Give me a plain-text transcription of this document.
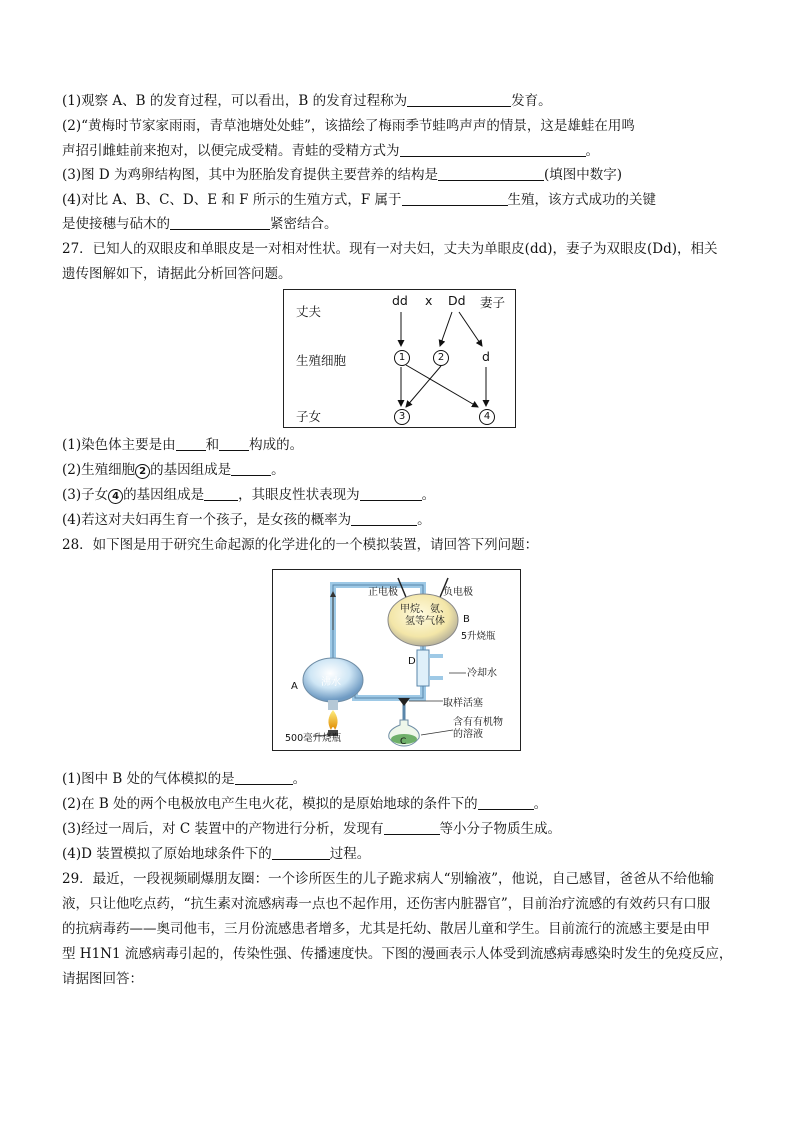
(1)观察 A、B 的发育过程，可以看出，B 的发育过程称为	发育。
(2)“黄梅时节家家雨雨，青草池塘处处蛙”，该描绘了梅雨季节蛙鸣声声的情景，这是雄蛙在用鸣
声招引雌蛙前来抱对，以便完成受精。青蛙的受精方式为	。
(3)图 D 为鸡卵结构图，其中为胚胎发育提供主要营养的结构是	(填图中数字)
(4)对比 A、B、C、D、E 和 F 所示的生殖方式，F 属于	生殖，该方式成功的关键
是使接穗与砧木的	紧密结合。
27．已知人的双眼皮和单眼皮是一对相对性状。现有一对夫妇，丈夫为单眼皮(dd)，妻子为双眼皮(Dd)，相关
遗传图解如下，请据此分析回答问题。
丈夫
生殖细胞
子女
dd x Dd 妻子
1	2	d
3	4
(1)染色体主要是由 和 构成的。
(2)生殖细胞 2 的基因组成是	。
(3)子女 4 的基因组成是	，其眼皮性状表现为	。
(4)若这对夫妇再生育一个孩子，是女孩的概率为	。
28．如下图是用于研究生命起源的化学进化的一个模拟装置，请回答下列问题：
正电极	负电极
甲烷、氨、氢等气体	B
5升烧瓶
D
冷却水
A 沸水
取样活塞
含有有机物的溶液
C
500毫升烧瓶
(1)图中 B 处的气体模拟的是	。
(2)在 B 处的两个电极放电产生电火花，模拟的是原始地球的条件下的	。
(3)经过一周后，对 C 装置中的产物进行分析，发现有	等小分子物质生成。
(4)D 装置模拟了原始地球条件下的	过程。
29．最近，一段视频刷爆朋友圈：一个诊所医生的儿子跪求病人“别输液”，他说，自己感冒，爸爸从不给他输
液，只让他吃点药，“抗生素对流感病毒一点也不起作用，还伤害内脏器官”，目前治疗流感的有效药只有口服
的抗病毒药——奥司他韦，三月份流感患者增多，尤其是托幼、散居儿童和学生。目前流行的流感主要是由甲
型 H1N1 流感病毒引起的，传染性强、传播速度快。下图的漫画表示人体受到流感病毒感染时发生的免疫反应，
请据图回答：
